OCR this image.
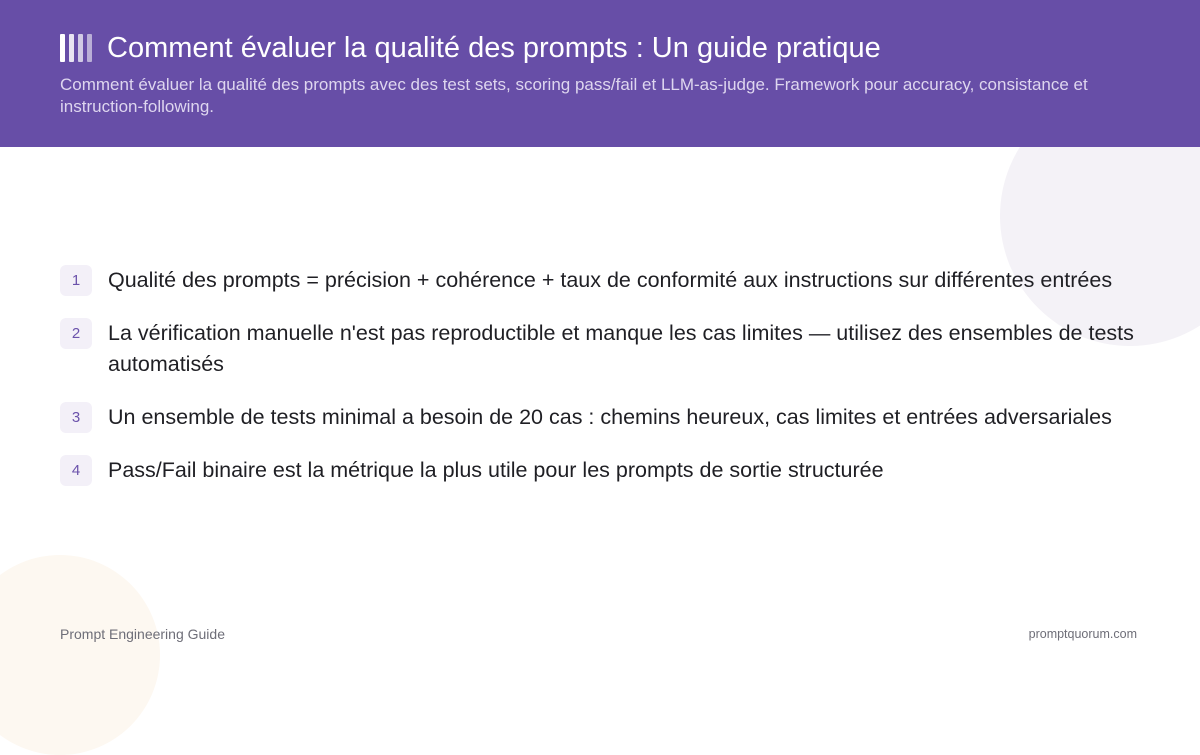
Comment évaluer la qualité des prompts : Un guide pratique

Comment évaluer la qualité des prompts avec des test sets, scoring pass/fail et LLM-as-judge. Framework pour accuracy, consistance et instruction-following.

1	Qualité des prompts = précision + cohérence + taux de conformité aux instructions sur différentes entrées
2	La vérification manuelle n'est pas reproductible et manque les cas limites — utilisez des ensembles de tests automatisés
3	Un ensemble de tests minimal a besoin de 20 cas : chemins heureux, cas limites et entrées adversariales
4	Pass/Fail binaire est la métrique la plus utile pour les prompts de sortie structurée
Prompt Engineering Guide	promptquorum.com
